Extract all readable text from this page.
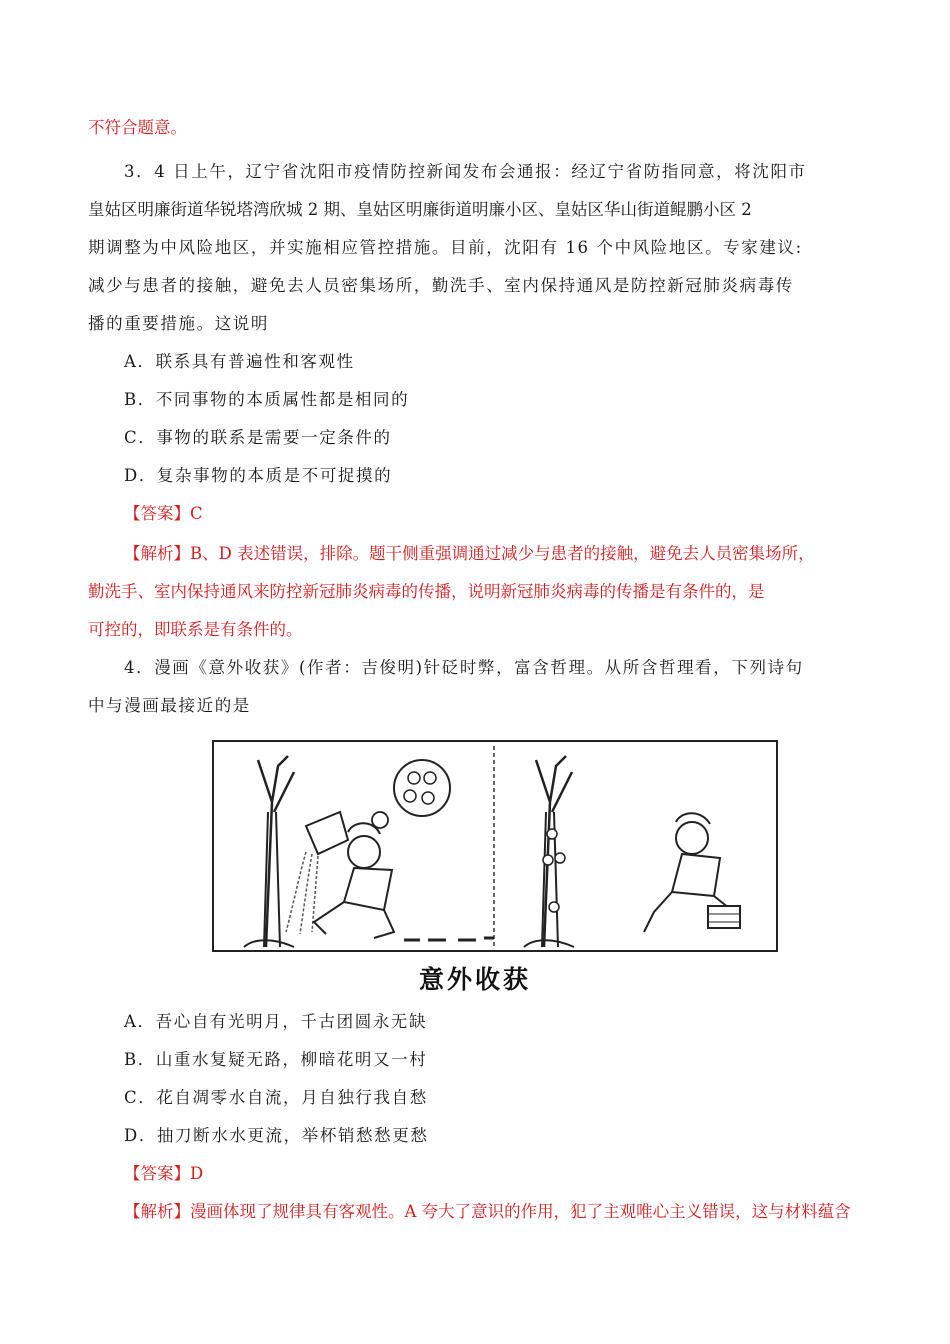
不符合题意。
3．4 日上午，辽宁省沈阳市疫情防控新闻发布会通报：经辽宁省防指同意，将沈阳市
皇姑区明廉街道华锐塔湾欣城 2 期、皇姑区明廉街道明廉小区、皇姑区华山街道鲲鹏小区 2
期调整为中风险地区，并实施相应管控措施。目前，沈阳有 16 个中风险地区。专家建议:
减少与患者的接触，避免去人员密集场所，勤洗手、室内保持通风是防控新冠肺炎病毒传
播的重要措施。这说明
A．联系具有普遍性和客观性
B．不同事物的本质属性都是相同的
C．事物的联系是需要一定条件的
D．复杂事物的本质是不可捉摸的
【答案】C
【解析】B、D 表述错误，排除。题干侧重强调通过减少与患者的接触，避免去人员密集场所，
勤洗手、室内保持通风来防控新冠肺炎病毒的传播，说明新冠肺炎病毒的传播是有条件的，是
可控的，即联系是有条件的。
4．漫画《意外收获》(作者：吉俊明)针砭时弊，富含哲理。从所含哲理看，下列诗句
中与漫画最接近的是
意外收获
A．吾心自有光明月，千古团圆永无缺
B．山重水复疑无路，柳暗花明又一村
C．花自凋零水自流，月自独行我自愁
D．抽刀断水水更流，举杯销愁愁更愁
【答案】D
【解析】漫画体现了规律具有客观性。A 夸大了意识的作用，犯了主观唯心主义错误，这与材料蕴含
